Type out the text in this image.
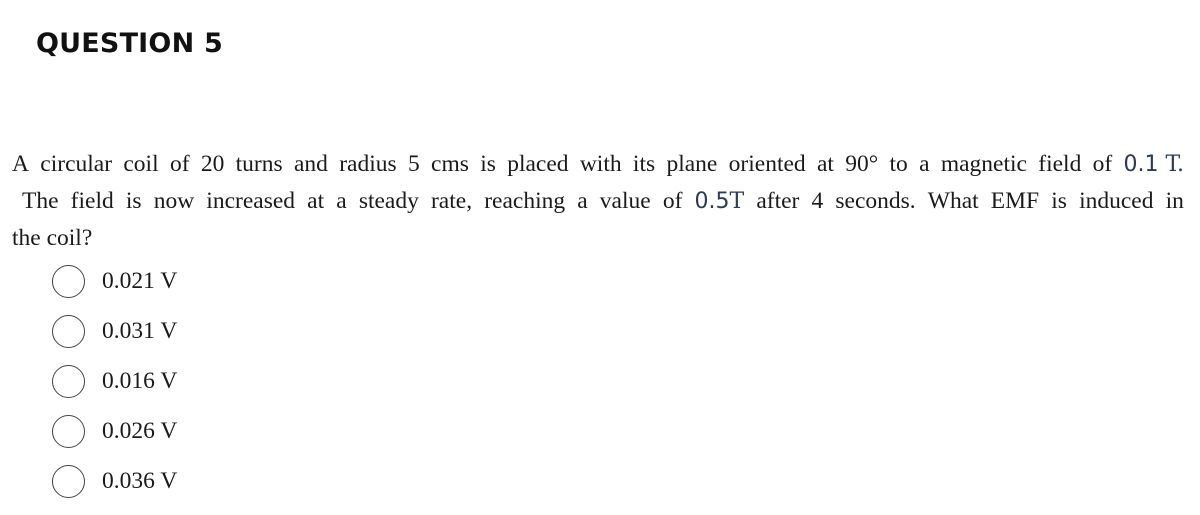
QUESTION 5
A circular coil of 20 turns and radius 5 cms is placed with its plane oriented at 90° to a magnetic field of 0.1 T.
The field is now increased at a steady rate, reaching a value of 0.5T after 4 seconds. What EMF is induced in
the coil?
0.021 V
0.031 V
0.016 V
0.026 V
0.036 V
